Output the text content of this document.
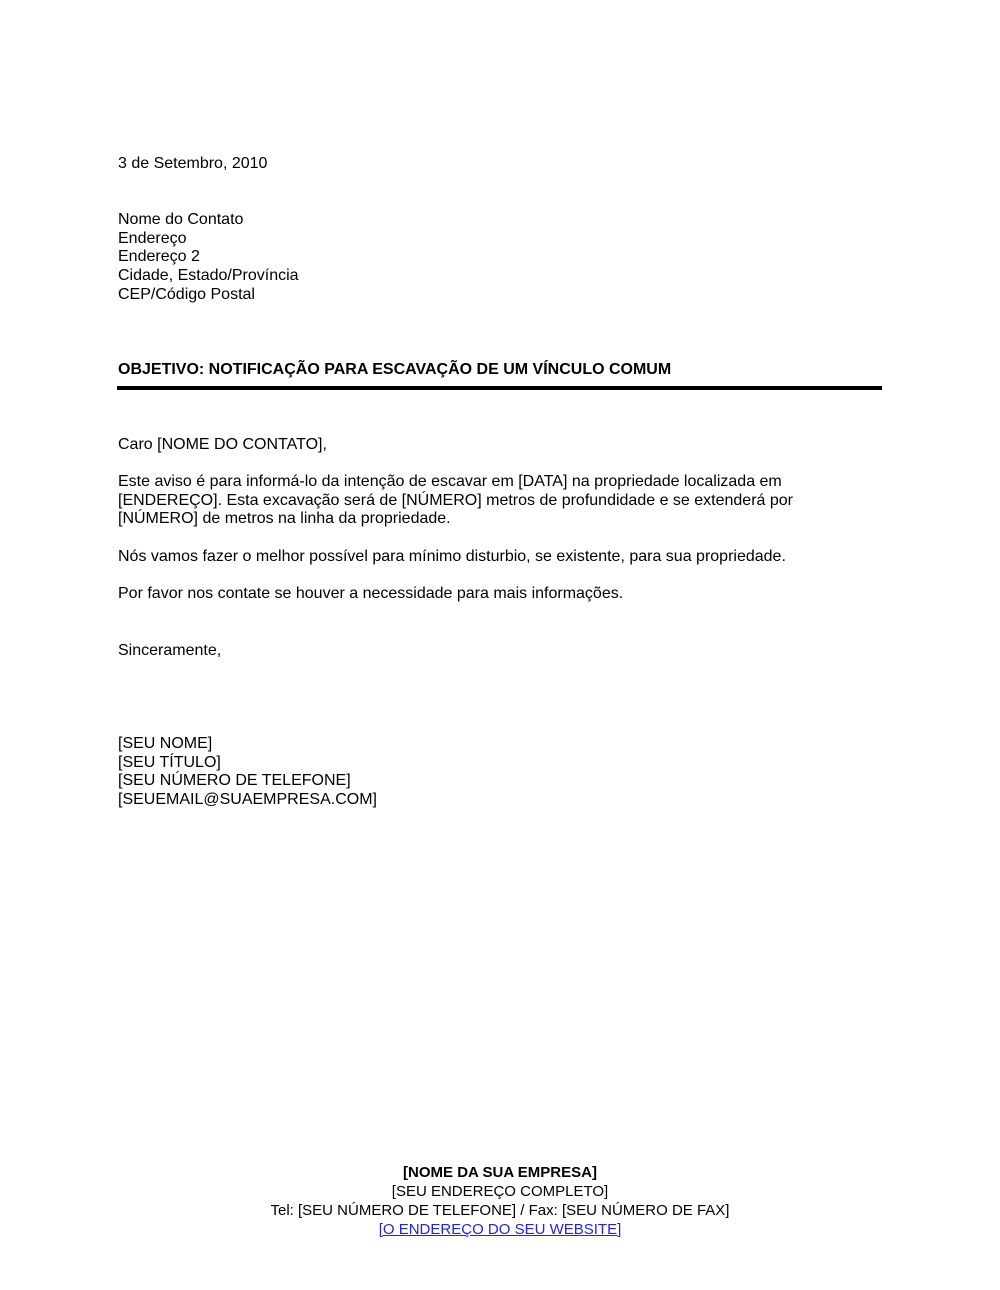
3 de Setembro, 2010
Nome do Contato
Endereço
Endereço 2
Cidade, Estado/Província
CEP/Código Postal
OBJETIVO: NOTIFICAÇÃO PARA ESCAVAÇÃO DE UM VÍNCULO COMUM
Caro [NOME DO CONTATO],
Este aviso é para informá-lo da intenção de escavar em [DATA] na propriedade localizada em
[ENDEREÇO]. Esta excavação será de [NÚMERO] metros de profundidade e se extenderá por
[NÚMERO] de metros na linha da propriedade.
Nós vamos fazer o melhor possível para mínimo disturbio, se existente, para sua propriedade.
Por favor nos contate se houver a necessidade para mais informações.
Sinceramente,
[SEU NOME]
[SEU TÍTULO]
[SEU NÚMERO DE TELEFONE]
[SEUEMAIL@SUAEMPRESA.COM]
[NOME DA SUA EMPRESA]
[SEU ENDEREÇO COMPLETO]
Tel: [SEU NÚMERO DE TELEFONE] / Fax: [SEU NÚMERO DE FAX]
[O ENDEREÇO DO SEU WEBSITE]
